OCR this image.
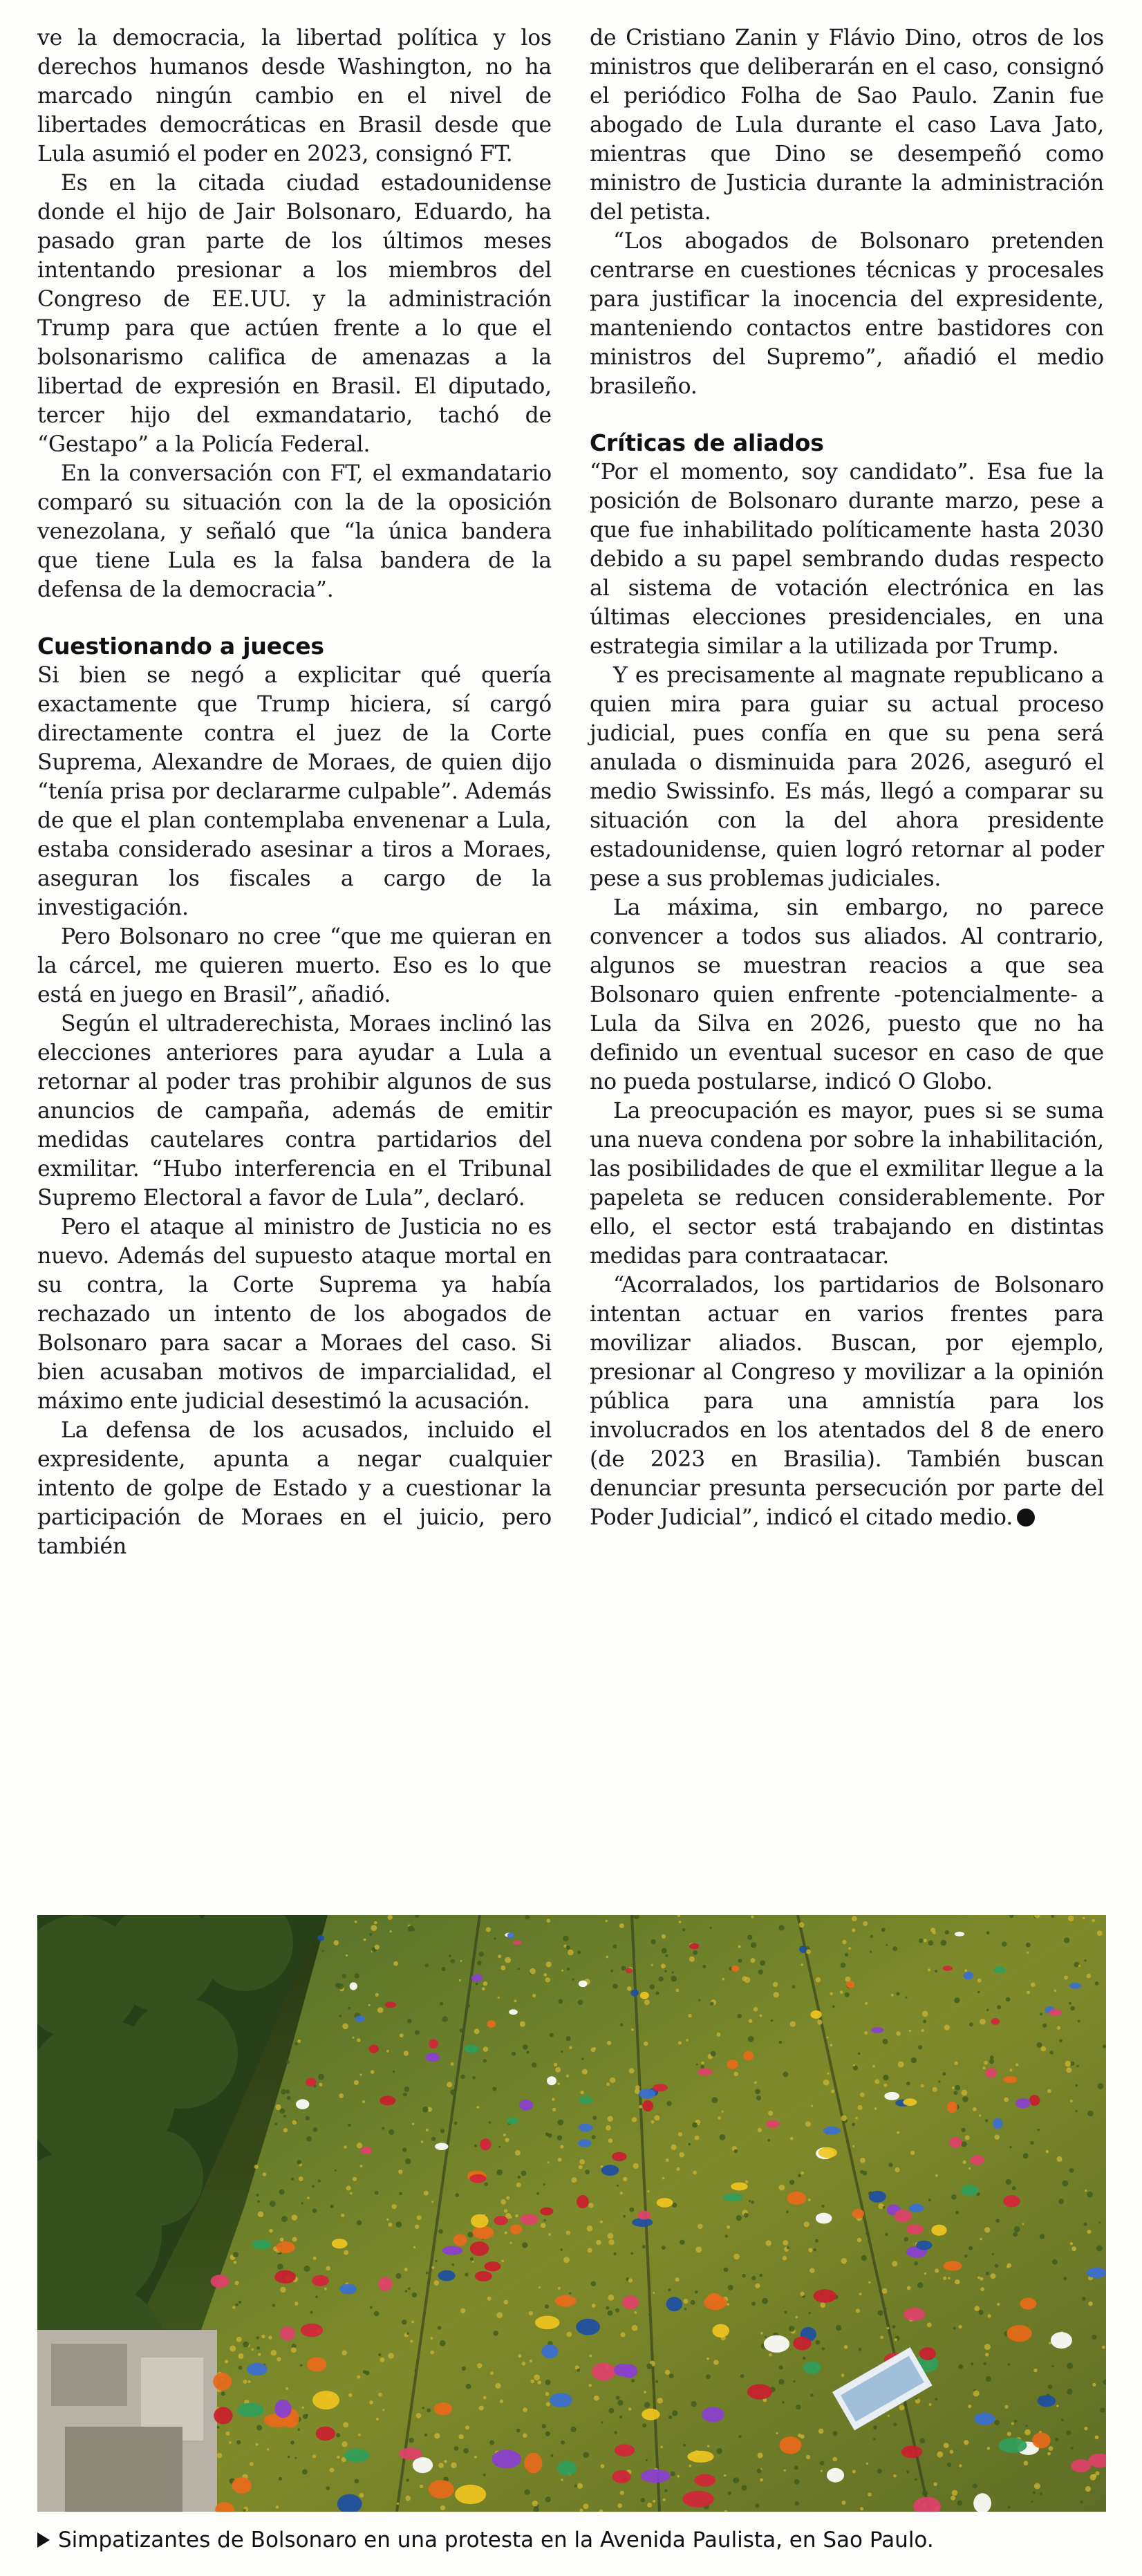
ve la democracia, la libertad política y los derechos humanos desde Washington, no ha marcado ningún cambio en el nivel de libertades democráticas en Brasil desde que Lula asumió el poder en 2023, consignó FT.

Es en la citada ciudad estadounidense donde el hijo de Jair Bolsonaro, Eduardo, ha pasado gran parte de los últimos meses intentando presionar a los miembros del Congreso de EE.UU. y la administración Trump para que actúen frente a lo que el bolsonarismo califica de amenazas a la libertad de expresión en Brasil. El diputado, tercer hijo del exmandatario, tachó de “Gestapo” a la Policía Federal.

En la conversación con FT, el exmandatario comparó su situación con la de la oposición venezolana, y señaló que “la única bandera que tiene Lula es la falsa bandera de la defensa de la democracia”.

Cuestionando a jueces

Si bien se negó a explicitar qué quería exactamente que Trump hiciera, sí cargó directamente contra el juez de la Corte Suprema, Alexandre de Moraes, de quien dijo “tenía prisa por declararme culpable”. Además de que el plan contemplaba envenenar a Lula, estaba considerado asesinar a tiros a Moraes, aseguran los fiscales a cargo de la investigación.

Pero Bolsonaro no cree “que me quieran en la cárcel, me quieren muerto. Eso es lo que está en juego en Brasil”, añadió.

Según el ultraderechista, Moraes inclinó las elecciones anteriores para ayudar a Lula a retornar al poder tras prohibir algunos de sus anuncios de campaña, además de emitir medidas cautelares contra partidarios del exmilitar. “Hubo interferencia en el Tribunal Supremo Electoral a favor de Lula”, declaró.

Pero el ataque al ministro de Justicia no es nuevo. Además del supuesto ataque mortal en su contra, la Corte Suprema ya había rechazado un intento de los abogados de Bolsonaro para sacar a Moraes del caso. Si bien acusaban motivos de imparcialidad, el máximo ente judicial desestimó la acusación.

La defensa de los acusados, incluido el expresidente, apunta a negar cualquier intento de golpe de Estado y a cuestionar la participación de Moraes en el juicio, pero también

de Cristiano Zanin y Flávio Dino, otros de los ministros que deliberarán en el caso, consignó el periódico Folha de Sao Paulo. Zanin fue abogado de Lula durante el caso Lava Jato, mientras que Dino se desempeñó como ministro de Justicia durante la administración del petista.

“Los abogados de Bolsonaro pretenden centrarse en cuestiones técnicas y procesales para justificar la inocencia del expresidente, manteniendo contactos entre bastidores con ministros del Supremo”, añadió el medio brasileño.

Críticas de aliados

“Por el momento, soy candidato”. Esa fue la posición de Bolsonaro durante marzo, pese a que fue inhabilitado políticamente hasta 2030 debido a su papel sembrando dudas respecto al sistema de votación electrónica en las últimas elecciones presidenciales, en una estrategia similar a la utilizada por Trump.

Y es precisamente al magnate republicano a quien mira para guiar su actual proceso judicial, pues confía en que su pena será anulada o disminuida para 2026, aseguró el medio Swissinfo. Es más, llegó a comparar su situación con la del ahora presidente estadounidense, quien logró retornar al poder pese a sus problemas judiciales.

La máxima, sin embargo, no parece convencer a todos sus aliados. Al contrario, algunos se muestran reacios a que sea Bolsonaro quien enfrente -potencialmente- a Lula da Silva en 2026, puesto que no ha definido un eventual sucesor en caso de que no pueda postularse, indicó O Globo.

La preocupación es mayor, pues si se suma una nueva condena por sobre la inhabilitación, las posibilidades de que el exmilitar llegue a la papeleta se reducen considerablemente. Por ello, el sector está trabajando en distintas medidas para contraatacar.

“Acorralados, los partidarios de Bolsonaro intentan actuar en varios frentes para movilizar aliados. Buscan, por ejemplo, presionar al Congreso y movilizar a la opinión pública para una amnistía para los involucrados en los atentados del 8 de enero (de 2023 en Brasilia). También buscan denunciar presunta persecución por parte del Poder Judicial”, indicó el citado medio.

Simpatizantes de Bolsonaro en una protesta en la Avenida Paulista, en Sao Paulo.
